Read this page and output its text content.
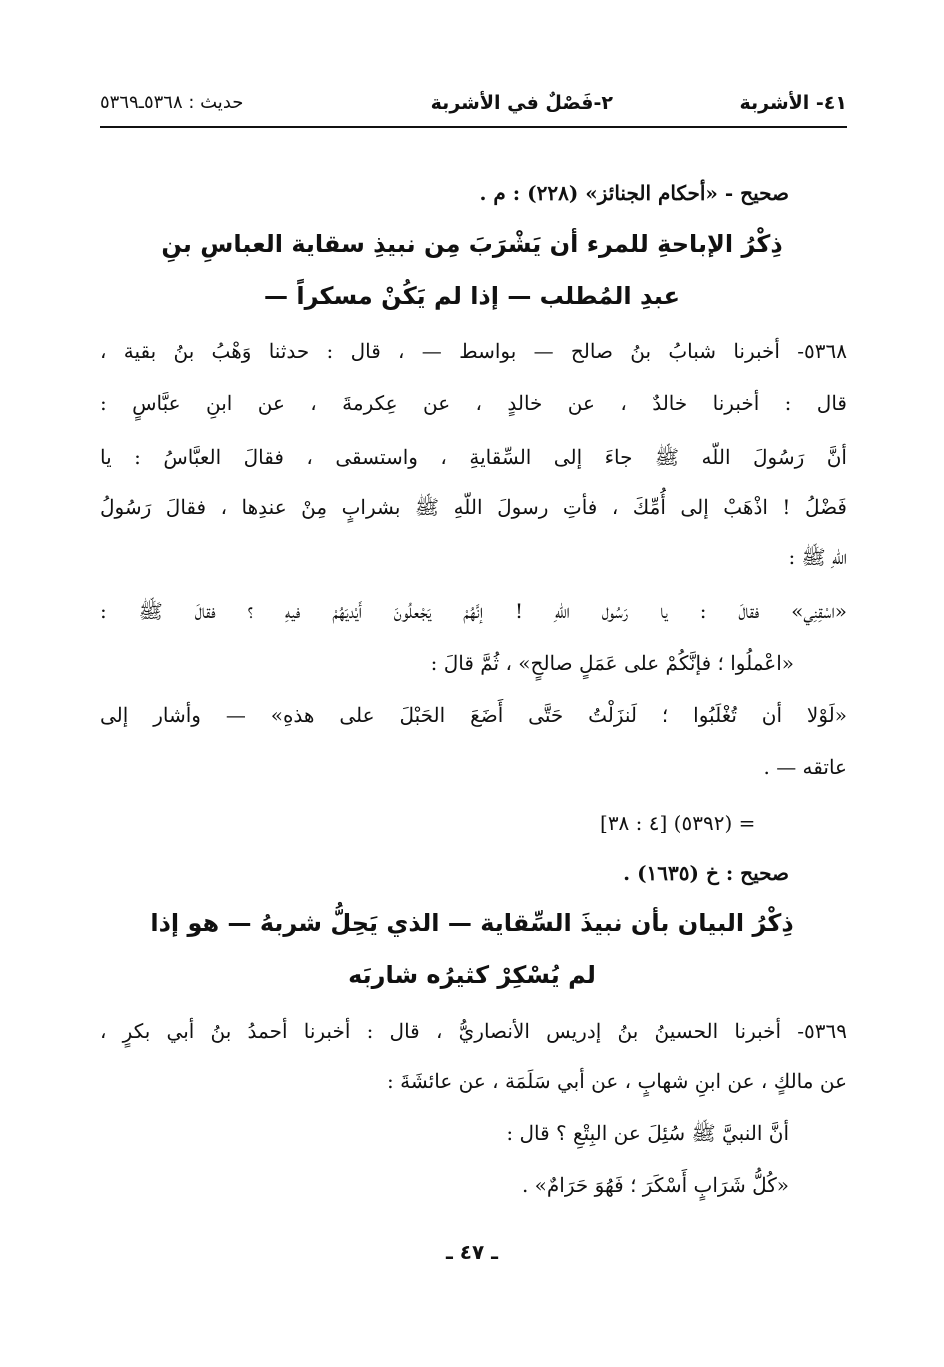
٤١- الأشربة
٢-فَصْلٌ في الأشربة
حديث : ٥٣٦٨ـ٥٣٦٩
صحيح - «أحكام الجنائز» (٢٢٨) : م .
ذِكْرُ الإباحةِ للمرء أن يَشْرَبَ مِن نبيذِ سقاية العباسِ بنِ
عبدِ المُطلب — إذا لم يَكُنْ مسكراً —
٥٣٦٨- أخبرنا شبابُ بنُ صالح — بواسط — ، قال : حدثنا وَهْبُ بنُ بقية ،
قال : أخبرنا خالدٌ ، عن خالدٍ ، عن عِكرمةَ ، عن ابنِ عبَّاسٍ :
أنَّ رَسُولَ اللّه ﷺ جاءَ إلى السِّقايةِ ، واستسقى ، فقالَ العبَّاسُ : يا
فَضْلُ ! اذْهَبْ إلى أُمِّكَ ، فأتِ رسولَ اللّهِ ﷺ بشرابٍ مِنْ عندِها ، فقالَ رَسُولُ
اللّهِ ﷺ :
«اسْقِنِي» فقالَ : يا رَسُول اللّهِ ! إنَّهُمْ يَجْعلُونَ أَيْديَهُمْ فيهِ ؟ فقالَ ﷺ :
«اعْملُوا ؛ فإنَّكُمْ على عَمَلٍ صالحٍ» ، ثُمَّ قالَ :
«لَوْلا أن تُغْلَبُوا ؛ لَنزَلْتُ حَتَّى أَضَعَ الحَبْلَ على هذهِ» — وأشار إلى
عاتقه — .
= (٥٣٩٢) [٤ : ٣٨]
صحيح : خ (١٦٣٥) .
ذِكْرُ البيان بأن نبيذَ السِّقاية — الذي يَحِلُّ شربهُ — هو إذا
لم يُسْكِرْ كثيرُه شاربَه
٥٣٦٩- أخبرنا الحسينُ بنُ إدريس الأنصاريُّ ، قال : أخبرنا أحمدُ بنُ أبي بكرٍ ،
عن مالكٍ ، عن ابنِ شهابٍ ، عن أبي سَلَمَة ، عن عائشَةَ :
أنَّ النبيَّ ﷺ سُئِلَ عن البِتْعِ ؟ قال :
«كُلُّ شَرَابٍ أَسْكَرَ ؛ فَهُوَ حَرَامٌ» .
ـ ٤٧ ـ
